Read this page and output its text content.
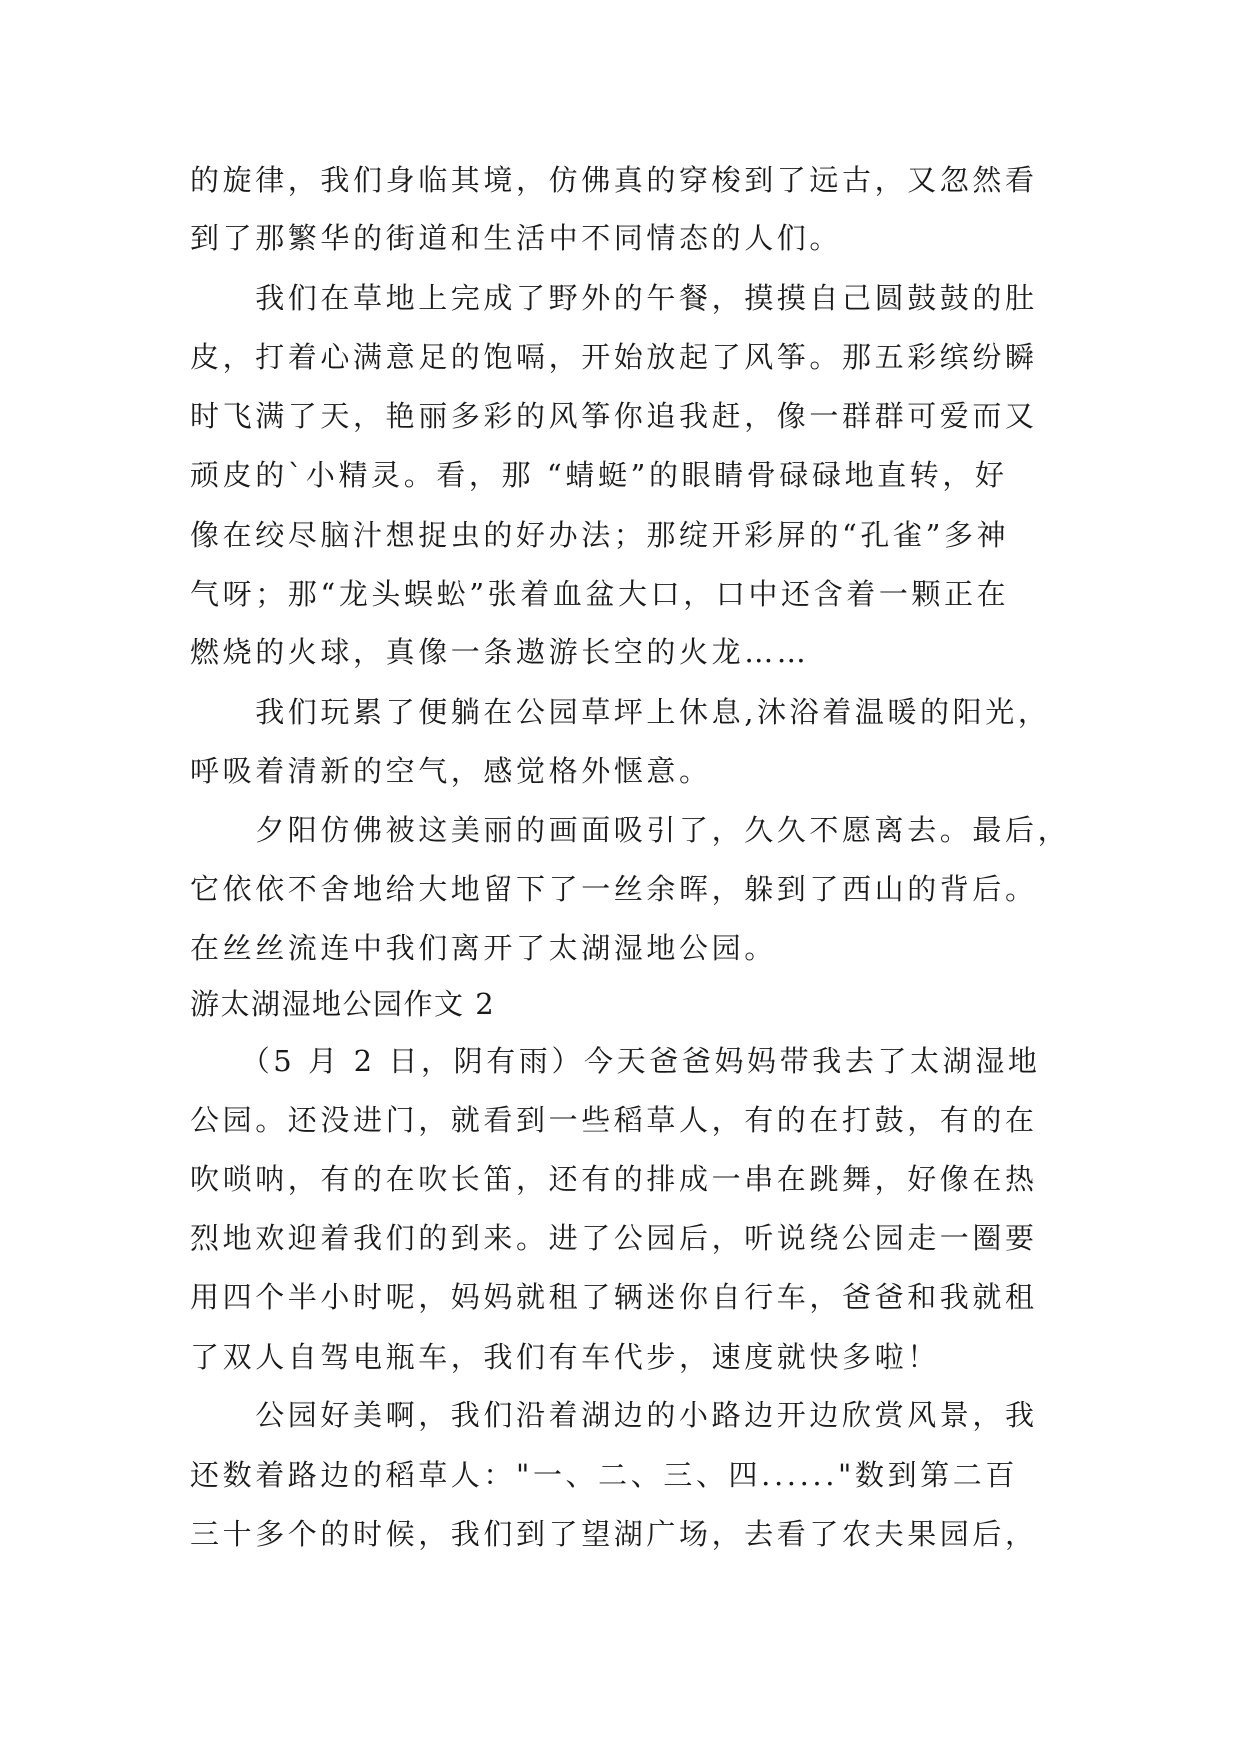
的旋律，我们身临其境，仿佛真的穿梭到了远古，又忽然看
到了那繁华的街道和生活中不同情态的人们。
　　我们在草地上完成了野外的午餐，摸摸自己圆鼓鼓的肚
皮，打着心满意足的饱嗝，开始放起了风筝。那五彩缤纷瞬
时飞满了天，艳丽多彩的风筝你追我赶，像一群群可爱而又
顽皮的`小精灵。看，那 “蜻蜓”的眼睛骨碌碌地直转，好
像在绞尽脑汁想捉虫的好办法；那绽开彩屏的“孔雀”多神
气呀；那“龙头蜈蚣”张着血盆大口，口中还含着一颗正在
燃烧的火球，真像一条遨游长空的火龙……
　　我们玩累了便躺在公园草坪上休息,沐浴着温暖的阳光，
呼吸着清新的空气，感觉格外惬意。
　　夕阳仿佛被这美丽的画面吸引了，久久不愿离去。最后，
它依依不舍地给大地留下了一丝余晖，躲到了西山的背后。
在丝丝流连中我们离开了太湖湿地公园。
游太湖湿地公园作文 2
　　（5 月 2 日，阴有雨）今天爸爸妈妈带我去了太湖湿地
公园。还没进门，就看到一些稻草人，有的在打鼓，有的在
吹唢呐，有的在吹长笛，还有的排成一串在跳舞，好像在热
烈地欢迎着我们的到来。进了公园后，听说绕公园走一圈要
用四个半小时呢，妈妈就租了辆迷你自行车，爸爸和我就租
了双人自驾电瓶车，我们有车代步，速度就快多啦！
　　公园好美啊，我们沿着湖边的小路边开边欣赏风景，我
还数着路边的稻草人："一、二、三、四......"数到第二百
三十多个的时候，我们到了望湖广场，去看了农夫果园后，
